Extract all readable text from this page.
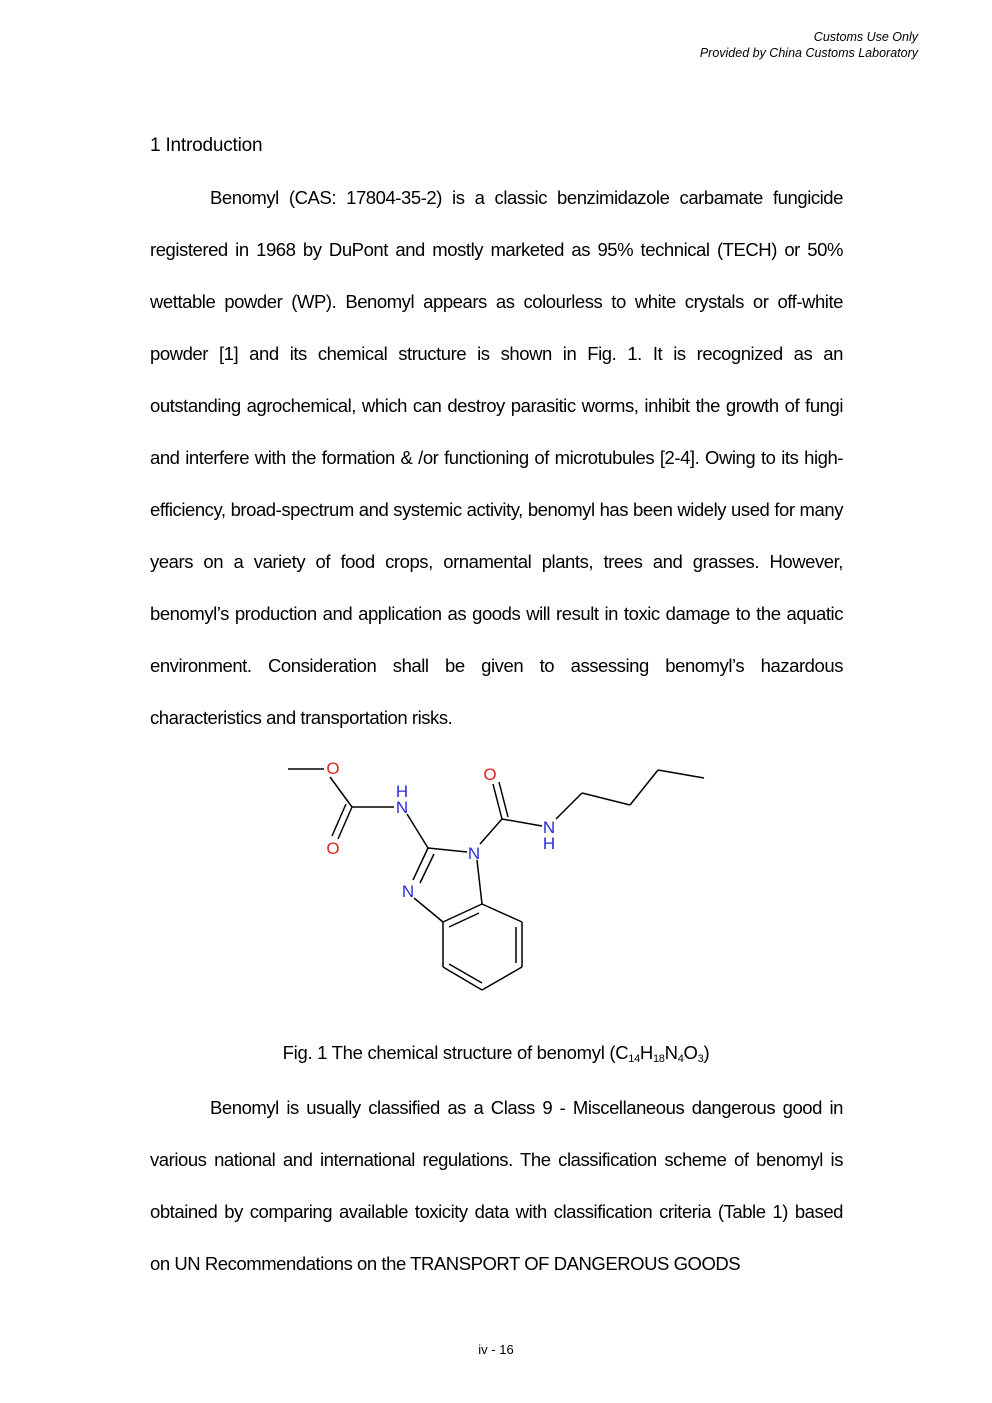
Customs Use Only
Provided by China Customs Laboratory
1 Introduction

Benomyl (CAS: 17804-35-2) is a classic benzimidazole carbamate fungicide registered in 1968 by DuPont and mostly marketed as 95% technical (TECH) or 50% wettable powder (WP). Benomyl appears as colourless to white crystals or off-white powder [1] and its chemical structure is shown in Fig. 1. It is recognized as an outstanding agrochemical, which can destroy parasitic worms, inhibit the growth of fungi and interfere with the formation & /or functioning of microtubules [2-4]. Owing to its high-efficiency, broad-spectrum and systemic activity, benomyl has been widely used for many years on a variety of food crops, ornamental plants, trees and grasses. However, benomyl’s production and application as goods will result in toxic damage to the aquatic environment. Consideration shall be given to assessing benomyl’s hazardous characteristics and transportation risks.

O
O
H
N
O
N
H
N
N
Fig. 1 The chemical structure of benomyl $(C_{14}H_{18}N_4O_3)$

Benomyl is usually classified as a Class 9 - Miscellaneous dangerous good in various national and international regulations. The classification scheme of benomyl is obtained by comparing available toxicity data with classification criteria (Table 1) based on UN Recommendations on the TRANSPORT OF DANGEROUS GOODS

iv - 16
